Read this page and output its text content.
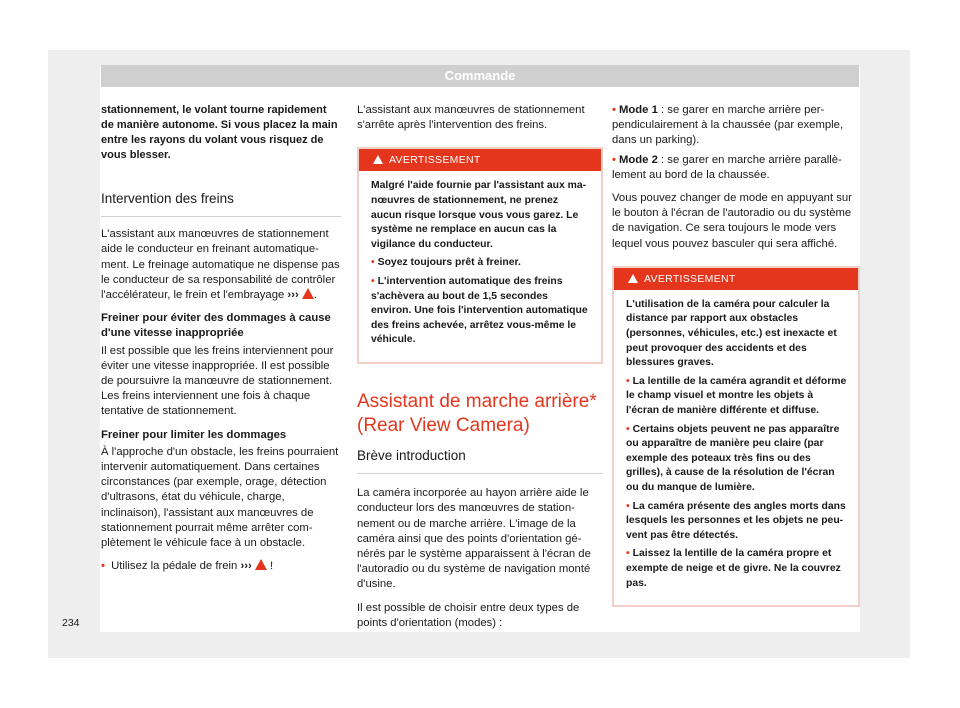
Commande

stationnement, le volant tourne rapidement de manière autonome. Si vous placez la main entre les rayons du volant vous risquez de vous blesser.

Intervention des freins

L'assistant aux manœuvres de stationnement aide le conducteur en freinant automatiquement. Le freinage automatique ne dispense pas le conducteur de sa responsabilité de contrôler l'accélérateur, le frein et l'embrayage ››› .

Freiner pour éviter des dommages à cause d'une vitesse inappropriée

Il est possible que les freins interviennent pour éviter une vitesse inappropriée. Il est possible de poursuivre la manœuvre de stationnement. Les freins interviennent une fois à chaque tentative de stationnement.

Freiner pour limiter les dommages

À l'approche d'un obstacle, les freins pourraient intervenir automatiquement. Dans certaines circonstances (par exemple, orage, détection d'ultrasons, état du véhicule, charge, inclinaison), l'assistant aux manœuvres de stationnement pourrait même arrêter complètement le véhicule face à un obstacle.

• Utilisez la pédale de frein ››› !

L'assistant aux manœuvres de stationnement s'arrête après l'intervention des freins.

AVERTISSEMENT

Malgré l'aide fournie par l'assistant aux manœuvres de stationnement, ne prenez aucun risque lorsque vous vous garez. Le système ne remplace en aucun cas la vigilance du conducteur.

• Soyez toujours prêt à freiner.

• L'intervention automatique des freins s'achèvera au bout de 1,5 secondes environ. Une fois l'intervention automatique des freins achevée, arrêtez vous-même le véhicule.

Assistant de marche arrière* (Rear View Camera)
Brève introduction

La caméra incorporée au hayon arrière aide le conducteur lors des manœuvres de stationnement ou de marche arrière. L'image de la caméra ainsi que des points d'orientation générés par le système apparaissent à l'écran de l'autoradio ou du système de navigation monté d'usine.

Il est possible de choisir entre deux types de points d'orientation (modes) :

• Mode 1 : se garer en marche arrière perpendiculairement à la chaussée (par exemple, dans un parking).

• Mode 2 : se garer en marche arrière parallèlement au bord de la chaussée.

Vous pouvez changer de mode en appuyant sur le bouton à l'écran de l'autoradio ou du système de navigation. Ce sera toujours le mode vers lequel vous pouvez basculer qui sera affiché.

AVERTISSEMENT

L'utilisation de la caméra pour calculer la distance par rapport aux obstacles (personnes, véhicules, etc.) est inexacte et peut provoquer des accidents et des blessures graves.

• La lentille de la caméra agrandit et déforme le champ visuel et montre les objets à l'écran de manière différente et diffuse.

• Certains objets peuvent ne pas apparaître ou apparaître de manière peu claire (par exemple des poteaux très fins ou des grilles), à cause de la résolution de l'écran ou du manque de lumière.

• La caméra présente des angles morts dans lesquels les personnes et les objets ne peuvent pas être détectés.

• Laissez la lentille de la caméra propre et exempte de neige et de givre. Ne la couvrez pas.

234
